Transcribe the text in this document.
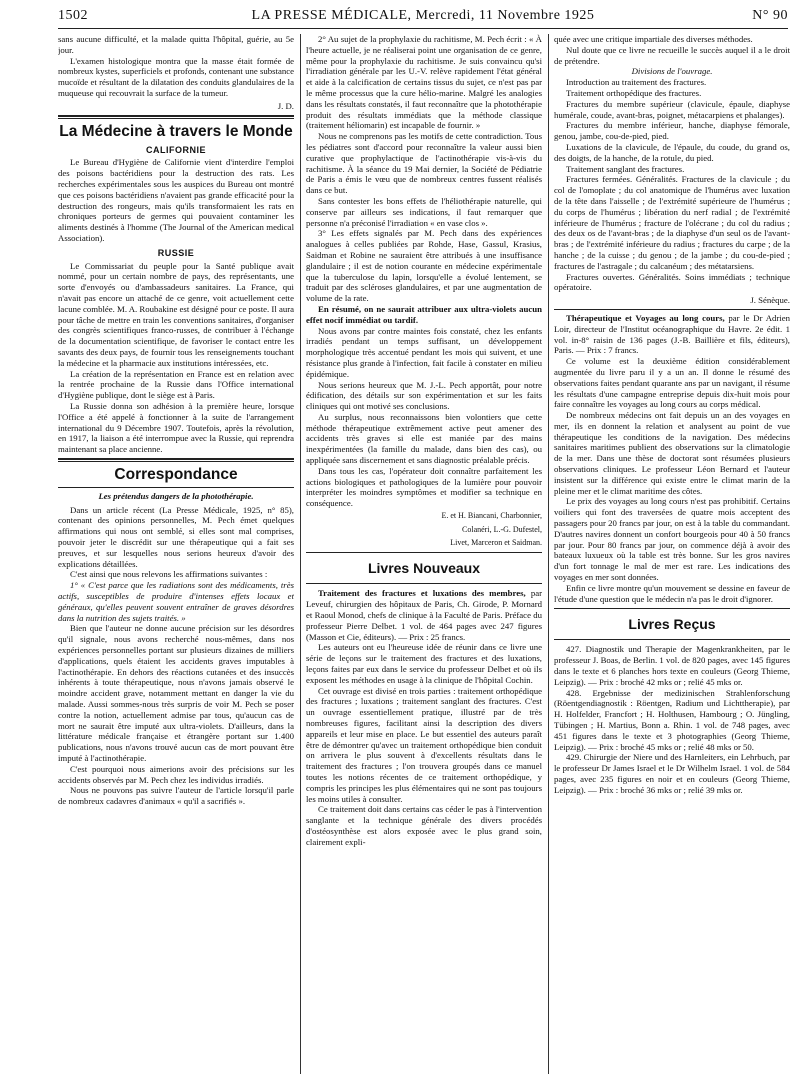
1502	LA PRESSE MÉDICALE, Mercredi, 11 Novembre 1925	N° 90

sans aucune difficulté, et la malade quitta l'hôpital, guérie, au 5e jour.

L'examen histologique montra que la masse était formée de nombreux kystes, superficiels et profonds, contenant une substance mucoïde et résultant de la dilatation des conduits glandulaires de la muqueuse qui recouvrait la surface de la tumeur.

J. D.

La Médecine à travers le Monde
CALIFORNIE

Le Bureau d'Hygiène de Californie vient d'interdire l'emploi des poisons bactéridiens pour la destruction des rats. Les recherches expérimentales sous les auspices du Bureau ont montré que ces poisons bactéridiens n'avaient pas grande efficacité pour la destruction des rongeurs, mais qu'ils transformaient les rats en chroniques porteurs de germes qui pouvaient contaminer les aliments destinés à l'homme (The Journal of the American medical Association).

RUSSIE

Le Commissariat du peuple pour la Santé publique avait nommé, pour un certain nombre de pays, des représentants, une sorte d'envoyés ou d'ambassadeurs sanitaires. La France, qui n'avait pas encore un attaché de ce genre, voit actuellement cette lacune comblée. M. A. Roubakine est désigné pour ce poste. Il aura pour tâche de mettre en train les conventions sanitaires, d'organiser des congrès scientifiques franco-russes, de contribuer à l'échange de la documentation scientifique, de favoriser le contact entre les savants des deux pays, de fournir tous les renseignements touchant la médecine et la pharmacie aux institutions intéressées, etc.

La création de la représentation en France est en relation avec la rentrée prochaine de la Russie dans l'Office international d'Hygiène publique, dont le siège est à Paris.

La Russie donna son adhésion à la première heure, lorsque l'Office a été appelé à fonctionner à la suite de l'arrangement international du 9 Décembre 1907. Toutefois, après la révolution, en 1917, la liaison a été interrompue avec la Russie, qui reprendra maintenant sa place ancienne.

Correspondance

Les prétendus dangers de la photothérapie.

Dans un article récent (La Presse Médicale, 1925, n° 85), contenant des opinions personnelles, M. Pech émet quelques affirmations qui nous ont semblé, si elles sont mal comprises, pouvoir jeter le discrédit sur une thérapeutique qui a fait ses preuves, et sur lesquelles nous serions heureux d'avoir des explications détaillées.

C'est ainsi que nous relevons les affirmations suivantes :

1° « C'est parce que les radiations sont des médicaments, très actifs, susceptibles de produire d'intenses effets locaux et généraux, qu'elles peuvent souvent entraîner de graves désordres dans la nutrition des sujets traités. »

Bien que l'auteur ne donne aucune précision sur les désordres qu'il signale, nous avons recherché nous-mêmes, dans nos expériences personnelles portant sur plusieurs dizaines de milliers d'applications, quels étaient les accidents graves imputables à l'actinothérapie. En dehors des réactions cutanées et des insuccès inhérents à toute thérapeutique, nous n'avons jamais observé le moindre accident grave, notamment mettant en danger la vie du malade. Aussi sommes-nous très surpris de voir M. Pech se poser contre la notion, actuellement admise par tous, qu'aucun cas de mort ne saurait être imputé aux ultra-violets. D'ailleurs, dans la littérature médicale française et étrangère portant sur 1.400 publications, nous n'avons trouvé aucun cas de mort pouvant être imputé à l'actinothérapie.

C'est pourquoi nous aimerions avoir des précisions sur les accidents observés par M. Pech chez les individus irradiés.

Nous ne pouvons pas suivre l'auteur de l'article lorsqu'il parle de nombreux cadavres d'animaux « qu'il a sacrifiés ».

2° Au sujet de la prophylaxie du rachitisme, M. Pech écrit : « À l'heure actuelle, je ne réaliserai point une organisation de ce genre, même pour la prophylaxie du rachitisme. Je suis convaincu qu'si l'irradiation générale par les U.-V. relève rapidement l'état général et aide à la calcification de certains tissus du sujet, ce n'est pas par le même processus que la cure hélio-marine. Malgré les analogies dans les résultats constatés, il faut reconnaître que la photothérapie produit des résultats immédiats que la méthode classique (traitement héliomarin) est incapable de fournir. »

Nous ne comprenons pas les motifs de cette contradiction. Tous les pédiatres sont d'accord pour reconnaître la valeur aussi bien curative que prophylactique de l'actinothérapie vis-à-vis du rachitisme. À la séance du 19 Mai dernier, la Société de Pédiatrie de Paris a émis le vœu que de nombreux centres fussent réalisés dans ce but.

Sans contester les bons effets de l'héliothérapie naturelle, qui conserve par ailleurs ses indications, il faut remarquer que personne n'a préconisé l'irradiation « en vase clos ».

3° Les effets signalés par M. Pech dans des expériences analogues à celles publiées par Rohde, Hase, Gassul, Krasius, Saidman et Robine ne sauraient être attribués à une insuffisance glandulaire ; il est de notion courante en médecine expérimentale que la tuberculose du lapin, lorsqu'elle a évolué lentement, se traduit par des scléroses glandulaires, et par une augmentation de volume de la rate.

En résumé, on ne saurait attribuer aux ultra-violets aucun effet nocif immédiat ou tardif.

Nous avons par contre maintes fois constaté, chez les enfants irradiés pendant un temps suffisant, un développement morphologique très accentué pendant les mois qui suivent, et une résistance plus grande à l'infection, fait facile à constater en milieu épidémique.

Nous serions heureux que M. J.-L. Pech apportât, pour notre édification, des détails sur son expérimentation et sur les faits cliniques qui ont motivé ses conclusions.

Au surplus, nous reconnaissons bien volontiers que cette méthode thérapeutique extrêmement active peut amener des accidents très graves si elle est maniée par des mains inexpérimentées (la famille du malade, dans bien des cas), ou appliquée sans discernement et sans diagnostic préalable précis.

Dans tous les cas, l'opérateur doit connaître parfaitement les actions biologiques et pathologiques de la lumière pour pouvoir interpréter les moindres symptômes et modifier sa technique en conséquence.

E. et H. Biancani, Charbonnier,

Colanéri, L.-G. Dufestel,

Livet, Marceron et Saidman.

Livres Nouveaux

Traitement des fractures et luxations des membres, par Leveuf, chirurgien des hôpitaux de Paris, Ch. Girode, P. Mornard et Raoul Monod, chefs de clinique à la Faculté de Paris. Préface du professeur Pierre Delbet. 1 vol. de 464 pages avec 247 figures (Masson et Cie, éditeurs). — Prix : 25 francs.

Les auteurs ont eu l'heureuse idée de réunir dans ce livre une série de leçons sur le traitement des fractures et des luxations, leçons faites par eux dans le service du professeur Delbet et où ils exposent les méthodes en usage à la clinique de l'hôpital Cochin.

Cet ouvrage est divisé en trois parties : traitement orthopédique des fractures ; luxations ; traitement sanglant des fractures. C'est un ouvrage essentiellement pratique, illustré par de très nombreuses figures, facilitant ainsi la description des divers appareils et leur mise en place. Le but essentiel des auteurs paraît être de démontrer qu'avec un traitement orthopédique bien conduit on arrivera le plus souvent à d'excellents résultats dans le traitement des fractures ; l'on trouvera groupés dans ce manuel toutes les notions récentes de ce traitement orthopédique, y compris les principes les plus élémentaires qui ne sont pas toujours les moins utiles à consulter.

Ce traitement doit dans certains cas céder le pas à l'intervention sanglante et la technique générale des divers procédés d'ostéosynthèse est alors exposée avec le plus grand soin, clairement expli-

quée avec une critique impartiale des diverses méthodes.

Nul doute que ce livre ne recueille le succès auquel il a le droit de prétendre.

Divisions de l'ouvrage.

Introduction au traitement des fractures.

Traitement orthopédique des fractures.

Fractures du membre supérieur (clavicule, épaule, diaphyse humérale, coude, avant-bras, poignet, métacarpiens et phalanges).

Fractures du membre inférieur, hanche, diaphyse fémorale, genou, jambe, cou-de-pied, pied.

Luxations de la clavicule, de l'épaule, du coude, du grand os, des doigts, de la hanche, de la rotule, du pied.

Traitement sanglant des fractures.

Fractures fermées. Généralités. Fractures de la clavicule ; du col de l'omoplate ; du col anatomique de l'humérus avec luxation de la tête dans l'aisselle ; de l'extrémité supérieure de l'humérus ; du corps de l'humérus ; libération du nerf radial ; de l'extrémité inférieure de l'humérus ; fracture de l'olécrane ; du col du radius ; des deux os de l'avant-bras ; de la diaphyse d'un seul os de l'avant-bras ; de l'extrémité inférieure du radius ; fractures du carpe ; de la hanche ; de la cuisse ; du genou ; de la jambe ; du cou-de-pied ; fractures de l'astragale ; du calcanéum ; des métatarsiens.

Fractures ouvertes. Généralités. Soins immédiats ; technique opératoire.

J. Sénèque.

Thérapeutique et Voyages au long cours, par le Dr Adrien Loir, directeur de l'Institut océanographique du Havre. 2e édit. 1 vol. in-8° raisin de 136 pages (J.-B. Baillière et fils, éditeurs), Paris. — Prix : 7 francs.

Ce volume est la deuxième édition considérablement augmentée du livre paru il y a un an. Il donne le résumé des observations faites pendant quarante ans par un navigant, il résume les résultats d'une campagne entreprise depuis dix-huit mois pour faire connaître les voyages au long cours au corps médical.

De nombreux médecins ont fait depuis un an des voyages en mer, ils en donnent la relation et analysent au point de vue thérapeutique les conditions de la navigation. Des médecins sanitaires maritimes publient des observations sur la climatologie de la mer. Dans une thèse de doctorat sont résumées plusieurs observations cliniques. Le professeur Léon Bernard et l'auteur insistent sur la différence qui existe entre le climat marin de la pleine mer et le climat maritime des côtes.

Le prix des voyages au long cours n'est pas prohibitif. Certains voiliers qui font des traversées de quatre mois acceptent des passagers pour 20 francs par jour, on est à la table du commandant. D'autres navires donnent un confort bourgeois pour 40 à 50 francs par jour. Pour 80 francs par jour, on commence déjà à avoir des bateaux luxueux où la table est très bonne. Sur les gros navires d'un fort tonnage le mal de mer est rare. Les indications des voyages en mer sont données.

Enfin ce livre montre qu'un mouvement se dessine en faveur de l'étude d'une question que le médecin n'a pas le droit d'ignorer.

Livres Reçus

427. Diagnostik und Therapie der Magenkrankheiten, par le professeur J. Boas, de Berlin. 1 vol. de 820 pages, avec 145 figures dans le texte et 6 planches hors texte en couleurs (Georg Thieme, Leipzig). — Prix : broché 42 mks or ; relié 45 mks or.

428. Ergebnisse der medizinischen Strahlenforschung (Röentgendiagnostik : Röentgen, Radium und Lichttherapie), par H. Holfelder, Francfort ; H. Holthusen, Hambourg ; O. Jüngling, Tübingen ; H. Martius, Bonn a. Rhin. 1 vol. de 748 pages, avec 451 figures dans le texte et 3 photographies (Georg Thieme, Leipzig). — Prix : broché 45 mks or ; relié 48 mks or 50.

429. Chirurgie der Niere und des Harnleiters, ein Lehrbuch, par le professeur Dr James Israel et le Dr Wilhelm Israel. 1 vol. de 584 pages, avec 235 figures en noir et en couleurs (Georg Thieme, Leipzig). — Prix : broché 36 mks or ; relié 39 mks or.
